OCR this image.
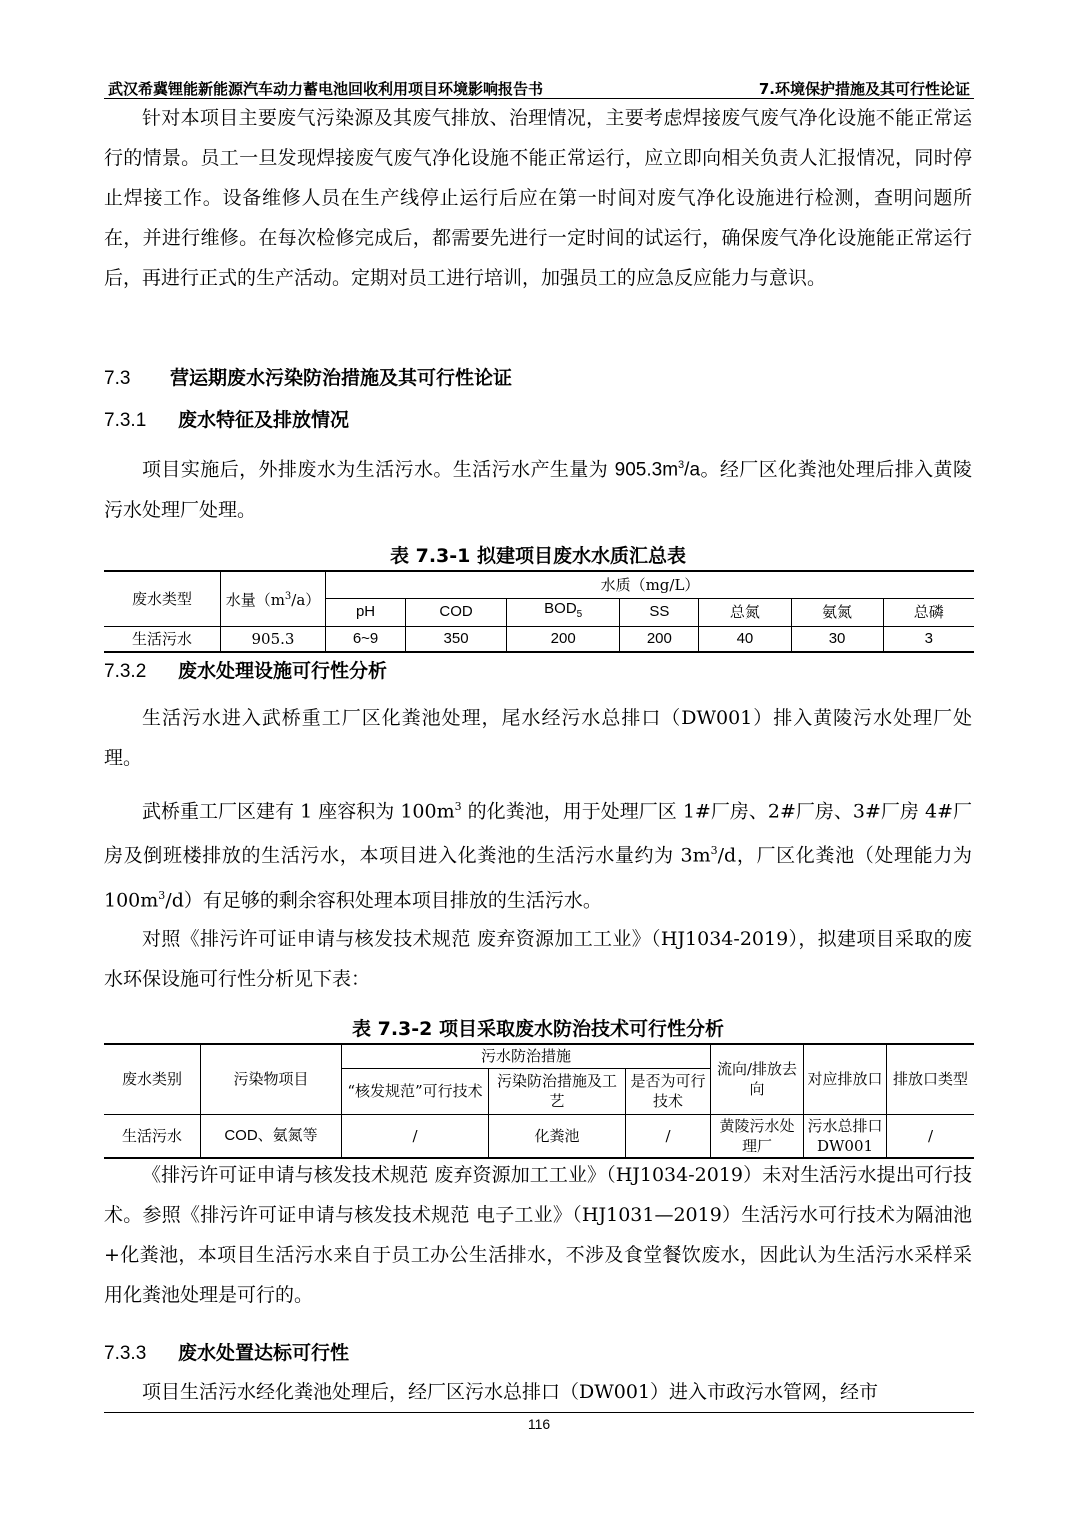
武汉希冀锂能新能源汽车动力蓄电池回收利用项目环境影响报告书	7.环境保护措施及其可行性论证

针对本项目主要废气污染源及其废气排放、治理情况，主要考虑焊接废气废气净化设施不能正常运行的情景。员工一旦发现焊接废气废气净化设施不能正常运行，应立即向相关负责人汇报情况，同时停止焊接工作。设备维修人员在生产线停止运行后应在第一时间对废气净化设施进行检测，查明问题所在，并进行维修。在每次检修完成后，都需要先进行一定时间的试运行，确保废气净化设施能正常运行后，再进行正式的生产活动。定期对员工进行培训，加强员工的应急反应能力与意识。

7.3 营运期废水污染防治措施及其可行性论证
7.3.1 废水特征及排放情况

项目实施后，外排废水为生活污水。生活污水产生量为 $905.3m^3/a$。经厂区化粪池处理后排入黄陵污水处理厂处理。

表 7.3-1 拟建项目废水水质汇总表
废水类型	水量$(m^3/a)$	水质（mg/L）						
		pH	COD	$BOD_5$	SS	总氮	氨氮	总磷
生活污水	905.3	6~9	350	200	200	40	30	3
7.3.2 废水处理设施可行性分析

生活污水进入武桥重工厂区化粪池处理，尾水经污水总排口（DW001）排入黄陵污水处理厂处理。

武桥重工厂区建有 1 座容积为 $100m^3$ 的化粪池，用于处理厂区 1#厂房、2#厂房、3#厂房 4#厂房及倒班楼排放的生活污水，本项目进入化粪池的生活污水量约为 $3m^3/d$，厂区化粪池（处理能力为 $100m^3/d$）有足够的剩余容积处理本项目排放的生活污水。

对照《排污许可证申请与核发技术规范 废弃资源加工工业》（HJ1034-2019），拟建项目采取的废水环保设施可行性分析见下表：

表 7.3-2 项目采取废水防治技术可行性分析
废水类别	污染物项目	污水防治措施			流向/排放去向	对应排放口	排放口类型
		“核发规范”可行技术	污染防治措施及工艺	是否为可行技术			
生活污水	COD、氨氮等	/	化粪池	/	黄陵污水处理厂	污水总排口 DW001	/

《排污许可证申请与核发技术规范 废弃资源加工工业》（HJ1034-2019）未对生活污水提出可行技术。参照《排污许可证申请与核发技术规范 电子工业》（HJ1031—2019）生活污水可行技术为隔油池+化粪池，本项目生活污水来自于员工办公生活排水，不涉及食堂餐饮废水，因此认为生活污水采样采用化粪池处理是可行的。

7.3.3 废水处置达标可行性

项目生活污水经化粪池处理后，经厂区污水总排口（DW001）进入市政污水管网，经市

116
